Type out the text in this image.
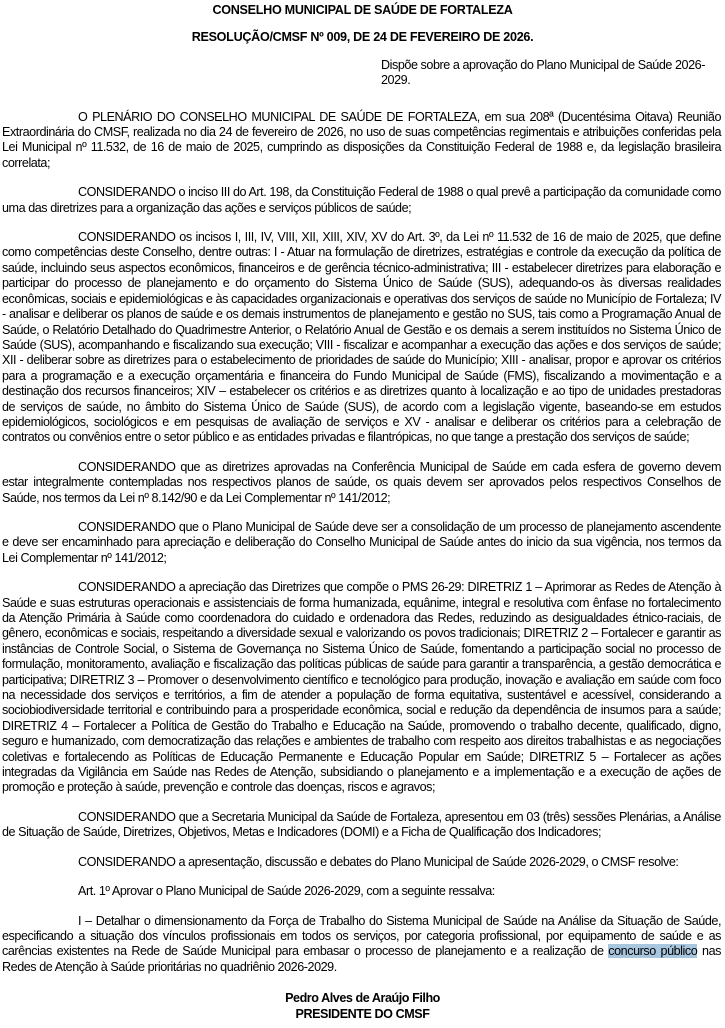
CONSELHO MUNICIPAL DE SAÚDE DE FORTALEZA

RESOLUÇÃO/CMSF Nº 009, DE 24 DE FEVEREIRO DE 2026.

Dispõe sobre a aprovação do Plano Municipal de Saúde 2026-2029.

O PLENÁRIO DO CONSELHO MUNICIPAL DE SAÚDE DE FORTALEZA, em sua 208ª (Ducentésima Oitava) Reunião Extraordinária do CMSF, realizada no dia 24 de fevereiro de 2026, no uso de suas competências regimentais e atribuições conferidas pela Lei Municipal nº 11.532, de 16 de maio de 2025, cumprindo as disposições da Constituição Federal de 1988 e, da legislação brasileira correlata;

CONSIDERANDO o inciso III do Art. 198, da Constituição Federal de 1988 o qual prevê a participação da comunidade como uma das diretrizes para a organização das ações e serviços públicos de saúde;

CONSIDERANDO os incisos I, III, IV, VIII, XII, XIII, XIV, XV do Art. 3º, da Lei nº 11.532 de 16 de maio de 2025, que define como competências deste Conselho, dentre outras: I - Atuar na formulação de diretrizes, estratégias e controle da execução da política de saúde, incluindo seus aspectos econômicos, financeiros e de gerência técnico-administrativa; III - estabelecer diretrizes para elaboração e participar do processo de planejamento e do orçamento do Sistema Único de Saúde (SUS), adequando-os às diversas realidades econômicas, sociais e epidemiológicas e às capacidades organizacionais e operativas dos serviços de saúde no Município de Fortaleza; IV - analisar e deliberar os planos de saúde e os demais instrumentos de planejamento e gestão no SUS, tais como a Programação Anual de Saúde, o Relatório Detalhado do Quadrimestre Anterior, o Relatório Anual de Gestão e os demais a serem instituídos no Sistema Único de Saúde (SUS), acompanhando e fiscalizando sua execução; VIII - fiscalizar e acompanhar a execução das ações e dos serviços de saúde; XII - deliberar sobre as diretrizes para o estabelecimento de prioridades de saúde do Município; XIII - analisar, propor e aprovar os critérios para a programação e a execução orçamentária e financeira do Fundo Municipal de Saúde (FMS), fiscalizando a movimentação e a destinação dos recursos financeiros; XIV – estabelecer os critérios e as diretrizes quanto à localização e ao tipo de unidades prestadoras de serviços de saúde, no âmbito do Sistema Único de Saúde (SUS), de acordo com a legislação vigente, baseando-se em estudos epidemiológicos, sociológicos e em pesquisas de avaliação de serviços e XV - analisar e deliberar os critérios para a celebração de contratos ou convênios entre o setor público e as entidades privadas e filantrópicas, no que tange a prestação dos serviços de saúde;

CONSIDERANDO que as diretrizes aprovadas na Conferência Municipal de Saúde em cada esfera de governo devem estar integralmente contempladas nos respectivos planos de saúde, os quais devem ser aprovados pelos respectivos Conselhos de Saúde, nos termos da Lei nº 8.142/90 e da Lei Complementar nº 141/2012;

CONSIDERANDO que o Plano Municipal de Saúde deve ser a consolidação de um processo de planejamento ascendente e deve ser encaminhado para apreciação e deliberação do Conselho Municipal de Saúde antes do inicio da sua vigência, nos termos da Lei Complementar nº 141/2012;

CONSIDERANDO a apreciação das Diretrizes que compõe o PMS 26-29: DIRETRIZ 1 – Aprimorar as Redes de Atenção à Saúde e suas estruturas operacionais e assistenciais de forma humanizada, equânime, integral e resolutiva com ênfase no fortalecimento da Atenção Primária à Saúde como coordenadora do cuidado e ordenadora das Redes, reduzindo as desigualdades étnico-raciais, de gênero, econômicas e sociais, respeitando a diversidade sexual e valorizando os povos tradicionais; DIRETRIZ 2 – Fortalecer e garantir as instâncias de Controle Social, o Sistema de Governança no Sistema Único de Saúde, fomentando a participação social no processo de formulação, monitoramento, avaliação e fiscalização das políticas públicas de saúde para garantir a transparência, a gestão democrática e participativa; DIRETRIZ 3 – Promover o desenvolvimento científico e tecnológico para produção, inovação e avaliação em saúde com foco na necessidade dos serviços e territórios, a fim de atender a população de forma equitativa, sustentável e acessível, considerando a sociobiodiversidade territorial e contribuindo para a prosperidade econômica, social e redução da dependência de insumos para a saúde; DIRETRIZ 4 – Fortalecer a Política de Gestão do Trabalho e Educação na Saúde, promovendo o trabalho decente, qualificado, digno, seguro e humanizado, com democratização das relações e ambientes de trabalho com respeito aos direitos trabalhistas e as negociações coletivas e fortalecendo as Políticas de Educação Permanente e Educação Popular em Saúde; DIRETRIZ 5 – Fortalecer as ações integradas da Vigilância em Saúde nas Redes de Atenção, subsidiando o planejamento e a implementação e a execução de ações de promoção e proteção à saúde, prevenção e controle das doenças, riscos e agravos;

CONSIDERANDO que a Secretaria Municipal da Saúde de Fortaleza, apresentou em 03 (três) sessões Plenárias, a Análise de Situação de Saúde, Diretrizes, Objetivos, Metas e Indicadores (DOMI) e a Ficha de Qualificação dos Indicadores;

CONSIDERANDO a apresentação, discussão e debates do Plano Municipal de Saúde 2026-2029, o CMSF resolve:

Art. 1º Aprovar o Plano Municipal de Saúde 2026-2029, com a seguinte ressalva:

I – Detalhar o dimensionamento da Força de Trabalho do Sistema Municipal de Saúde na Análise da Situação de Saúde, especificando a situação dos vínculos profissionais em todos os serviços, por categoria profissional, por equipamento de saúde e as carências existentes na Rede de Saúde Municipal para embasar o processo de planejamento e a realização de concurso público nas Redes de Atenção à Saúde prioritárias no quadriênio 2026-2029.

Pedro Alves de Araújo Filho

PRESIDENTE DO CMSF
